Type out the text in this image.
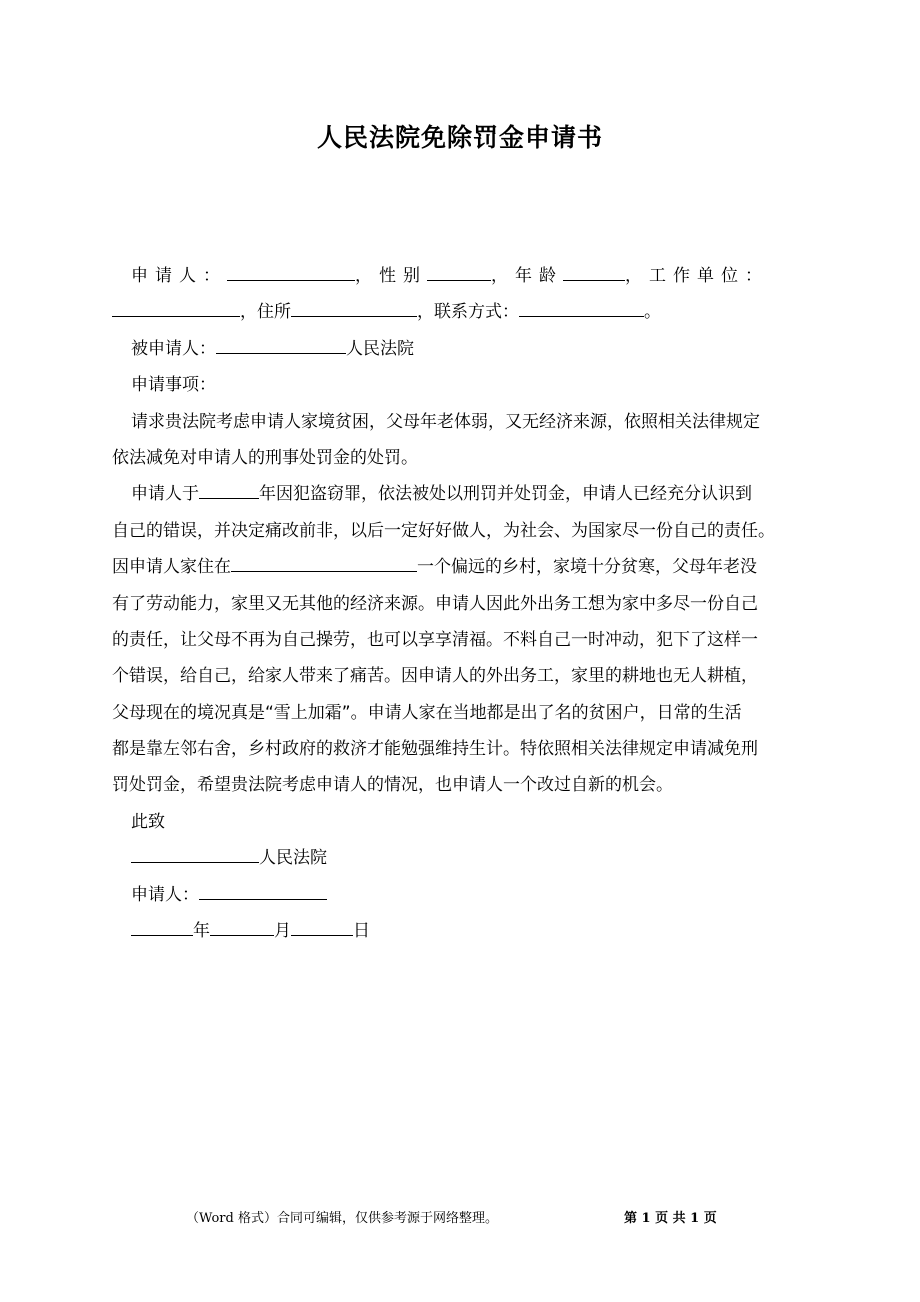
人民法院免除罚金申请书
申请人：	，性别	，年龄	，工作单位：
，住所	，联系方式：	。
被申请人：	人民法院
申请事项：
请求贵法院考虑申请人家境贫困，父母年老体弱，又无经济来源，依照相关法律规定
依法减免对申请人的刑事处罚金的处罚。
申请人于	年因犯盗窃罪，依法被处以刑罚并处罚金，申请人已经充分认识到
自己的错误，并决定痛改前非，以后一定好好做人，为社会、为国家尽一份自己的责任。
因申请人家住在	一个偏远的乡村，家境十分贫寒，父母年老没
有了劳动能力，家里又无其他的经济来源。申请人因此外出务工想为家中多尽一份自己
的责任，让父母不再为自己操劳，也可以享享清福。不料自己一时冲动，犯下了这样一
个错误，给自己，给家人带来了痛苦。因申请人的外出务工，家里的耕地也无人耕植，
父母现在的境况真是“雪上加霜”。申请人家在当地都是出了名的贫困户，日常的生活
都是靠左邻右舍，乡村政府的救济才能勉强维持生计。特依照相关法律规定申请减免刑
罚处罚金，希望贵法院考虑申请人的情况，也申请人一个改过自新的机会。
此致
人民法院
申请人：
年	月	日
（Word 格式）合同可编辑，仅供参考源于网络整理。	第 1 页 共 1 页
